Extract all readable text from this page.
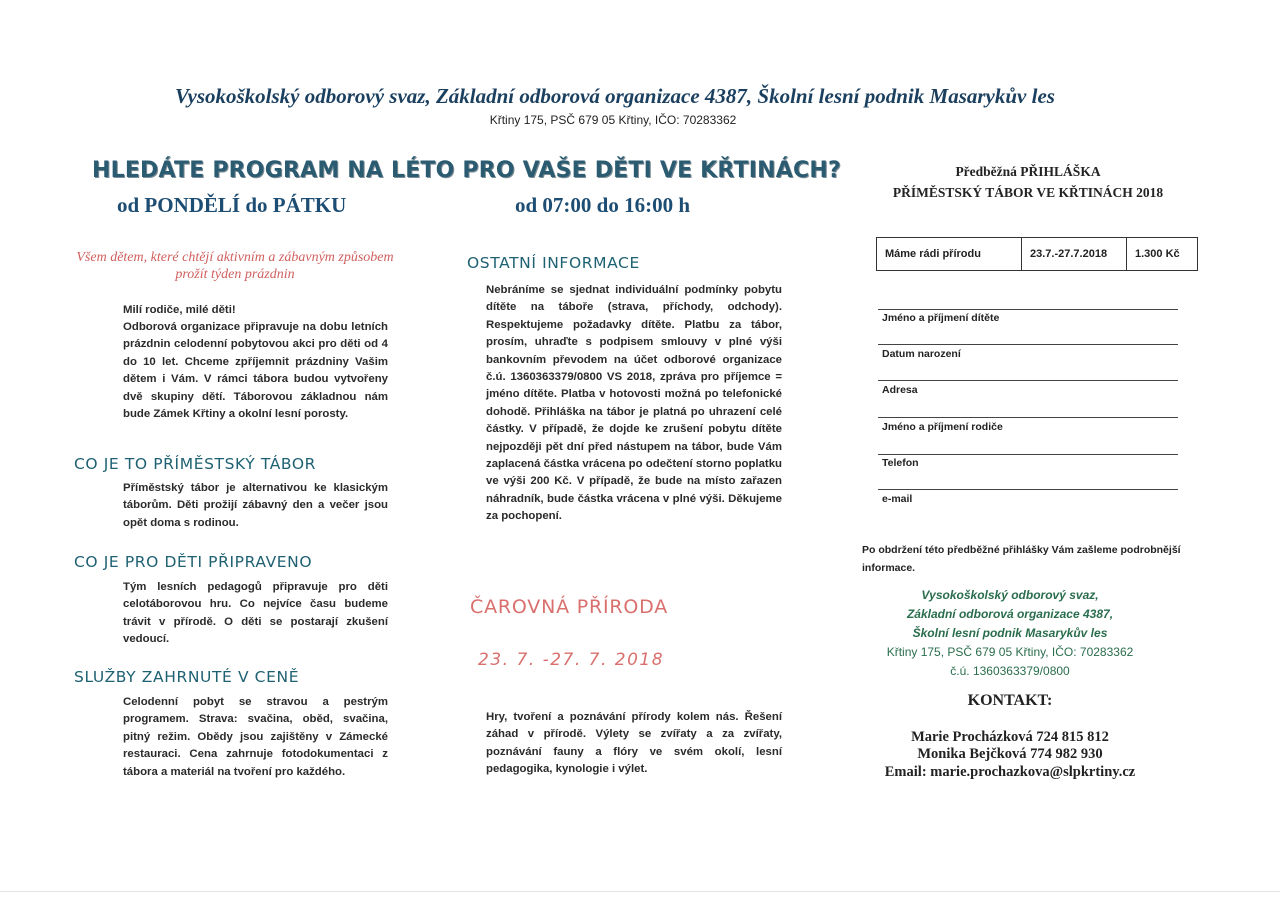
Vysokoškolský odborový svaz, Základní odborová organizace 4387, Školní lesní podnik Masarykův les
Křtiny 175, PSČ 679 05 Křtiny, IČO: 70283362
HLEDÁTE PROGRAM NA LÉTO PRO VAŠE DĚTI VE KŘTINÁCH?
od PONDĚLÍ do PÁTKU	od 07:00 do 16:00 h
Všem dětem, které chtějí aktivním a zábavným způsobem prožít týden prázdnin
Milí rodiče, milé děti!
Odborová organizace připravuje na dobu letních prázdnin celodenní pobytovou akci pro děti od 4 do 10 let. Chceme zpříjemnit prázdniny Vašim dětem i Vám. V rámci tábora budou vytvořeny dvě skupiny dětí. Táborovou základnou nám bude Zámek Křtiny a okolní lesní porosty.
CO JE TO PŘÍMĚSTSKÝ TÁBOR
Příměstský tábor je alternativou ke klasickým táborům. Děti prožijí zábavný den a večer jsou opět doma s rodinou.
CO JE PRO DĚTI PŘIPRAVENO
Tým lesních pedagogů připravuje pro děti celotáborovou hru. Co nejvíce času budeme trávit v přírodě. O děti se postarají zkušení vedoucí.
SLUŽBY ZAHRNUTÉ V CENĚ
Celodenní pobyt se stravou a pestrým programem. Strava: svačina, oběd, svačina, pitný režim. Obědy jsou zajištěny v Zámecké restauraci. Cena zahrnuje fotodokumentaci z tábora a materiál na tvoření pro každého.
OSTATNÍ INFORMACE
Nebráníme se sjednat individuální podmínky pobytu dítěte na táboře (strava, příchody, odchody). Respektujeme požadavky dítěte. Platbu za tábor, prosím, uhraďte s podpisem smlouvy v plné výši bankovním převodem na účet odborové organizace č.ú. 1360363379/0800 VS 2018, zpráva pro příjemce = jméno dítěte. Platba v hotovosti možná po telefonické dohodě. Přihláška na tábor je platná po uhrazení celé částky. V případě, že dojde ke zrušení pobytu dítěte nejpozději pět dní před nástupem na tábor, bude Vám zaplacená částka vrácena po odečtení storno poplatku ve výši 200 Kč. V případě, že bude na místo zařazen náhradník, bude částka vrácena v plné výši. Děkujeme za pochopení.
ČAROVNÁ PŘÍRODA
23. 7. -27. 7. 2018
Hry, tvoření a poznávání přírody kolem nás. Řešení záhad v přírodě. Výlety se zvířaty a za zvířaty, poznávání fauny a flóry ve svém okolí, lesní pedagogika, kynologie i výlet.
Předběžná PŘIHLÁŠKA
PŘÍMĚSTSKÝ TÁBOR VE KŘTINÁCH 2018
Máme rádi přírodu	23.7.-27.7.2018	1.300 Kč
Jméno a příjmení dítěte
Datum narození
Adresa
Jméno a příjmení rodiče
Telefon
e-mail
Po obdržení této předběžné přihlášky Vám zašleme podrobnější informace.
Vysokoškolský odborový svaz,
Základní odborová organizace 4387,
Školní lesní podnik Masarykův les
Křtiny 175, PSČ 679 05 Křtiny, IČO: 70283362
č.ú. 1360363379/0800
KONTAKT:
Marie Procházková 724 815 812
Monika Bejčková 774 982 930
Email: marie.prochazkova@slpkrtiny.cz
